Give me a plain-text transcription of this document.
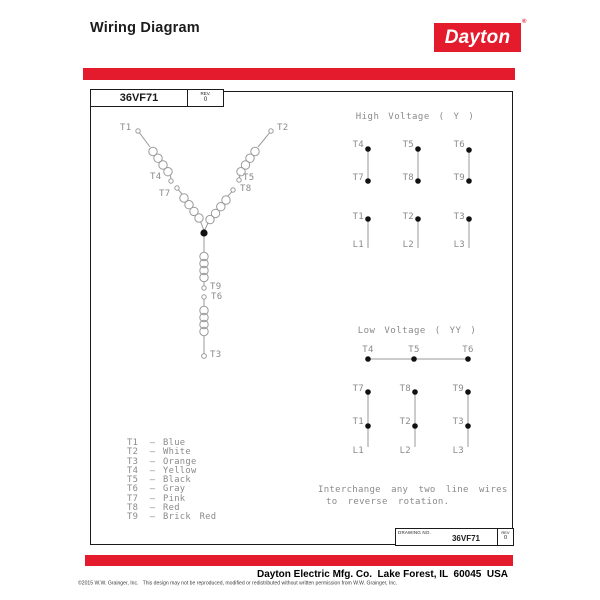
Wiring Diagram	Dayton
®
36VF71	REV.
0
T1	T2
T4	T5
T7	T8
T9
T6
T3
High Voltage ( Y )
T4	T5	T6
T7	T8	T9
T1	T2	T3
L1	L2	L3
Low Voltage ( YY )
T4	T5	T6
T7	T8	T9
T1	T2	T3
L1	L2	L3
T1	— Blue
T2	— White
T3	— Orange
T4	— Yellow
T5	— Black
T6	— Gray
T7	— Pink
T8	— Red
T9	— Brick Red
Interchange any two line wires
to reverse rotation.
DRAWING NO.
36VF71
REV
0
Dayton Electric Mfg. Co.  Lake Forest, IL  60045  USA
©2015 W.W. Grainger, Inc.   This design may not be reproduced, modified or redistributed without written permission from W.W. Grainger, Inc.
